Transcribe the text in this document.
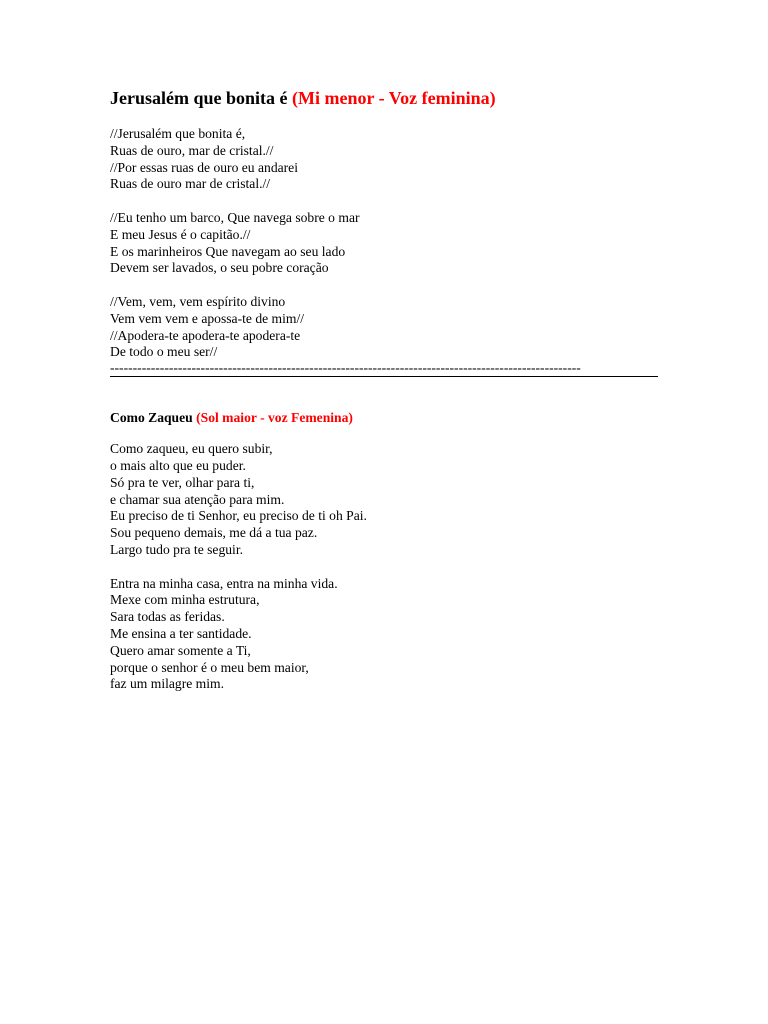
Jerusalém que bonita é (Mi menor - Voz feminina)
//Jerusalém que bonita é,
Ruas de ouro, mar de cristal.//
//Por essas ruas de ouro eu andarei
Ruas de ouro mar de cristal.//
//Eu tenho um barco, Que navega sobre o mar
E meu Jesus é o capitão.//
E os marinheiros Que navegam ao seu lado
Devem ser lavados, o seu pobre coração
//Vem, vem, vem espírito divino
Vem vem vem e apossa-te de mim//
//Apodera-te apodera-te apodera-te
De todo o meu ser//
--------------------------------------------------------------------------------------------------------
Como Zaqueu (Sol maior - voz Femenina)
Como zaqueu, eu quero subir,
o mais alto que eu puder.
Só pra te ver, olhar para ti,
e chamar sua atenção para mim.
Eu preciso de ti Senhor, eu preciso de ti oh Pai.
Sou pequeno demais, me dá a tua paz.
Largo tudo pra te seguir.
Entra na minha casa, entra na minha vida.
Mexe com minha estrutura,
Sara todas as feridas.
Me ensina a ter santidade.
Quero amar somente a Ti,
porque o senhor é o meu bem maior,
faz um milagre mim.
